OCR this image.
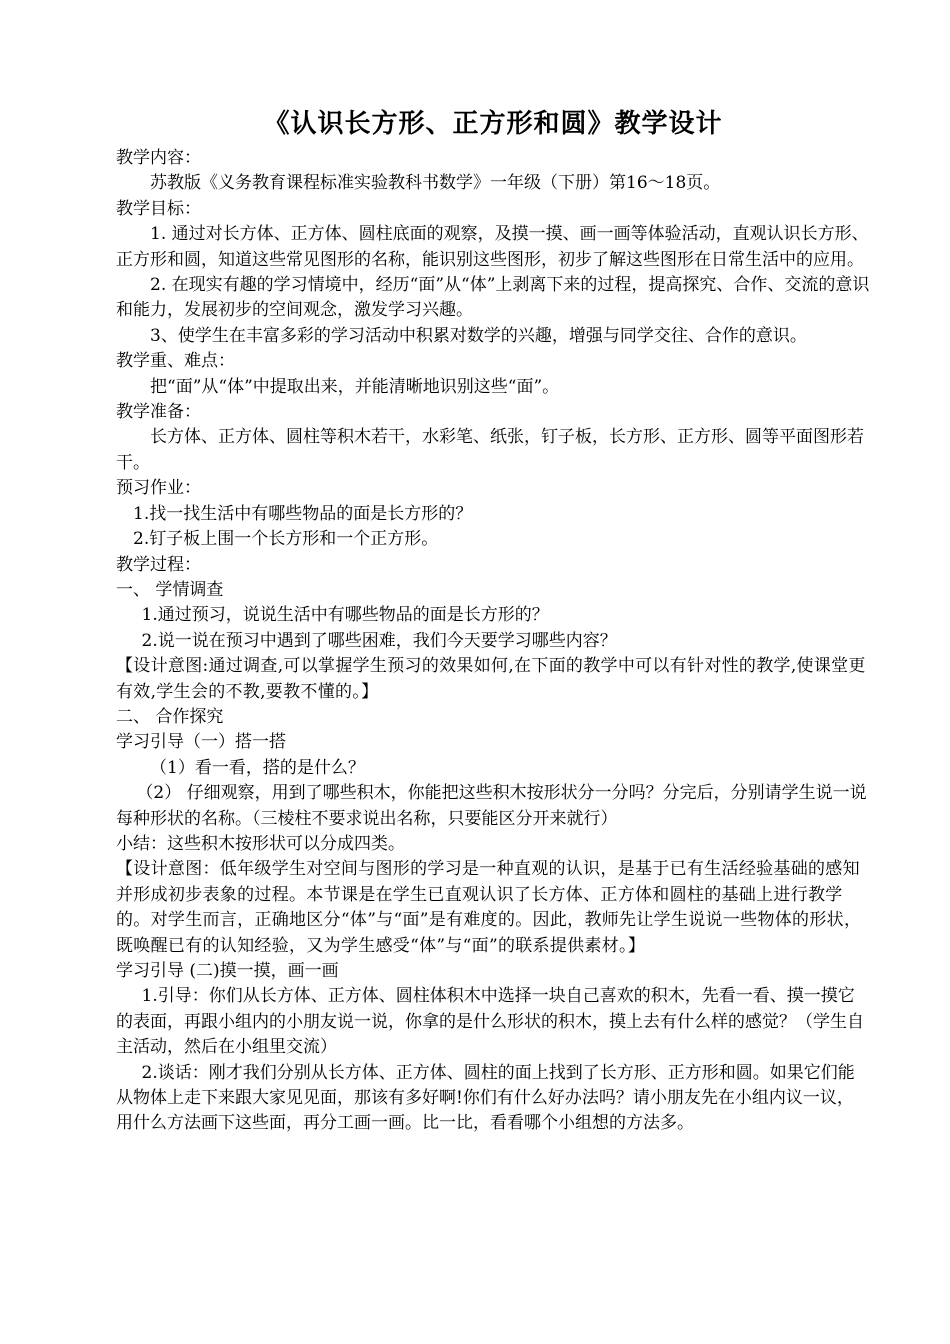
《认识长方形、正方形和圆》教学设计

教学内容：

苏教版《义务教育课程标准实验教科书数学》一年级（下册）第16～18页。

教学目标：

1. 通过对长方体、正方体、圆柱底面的观察，及摸一摸、画一画等体验活动，直观认识长方形、正方形和圆，知道这些常见图形的名称，能识别这些图形，初步了解这些图形在日常生活中的应用。

2. 在现实有趣的学习情境中，经历“面”从“体”上剥离下来的过程，提高探究、合作、交流的意识和能力，发展初步的空间观念，激发学习兴趣。

3、使学生在丰富多彩的学习活动中积累对数学的兴趣，增强与同学交往、合作的意识。

教学重、难点：

把“面”从“体”中提取出来，并能清晰地识别这些“面”。

教学准备：

长方体、正方体、圆柱等积木若干，水彩笔、纸张，钉子板，长方形、正方形、圆等平面图形若干。

预习作业：

1.找一找生活中有哪些物品的面是长方形的？

2.钉子板上围一个长方形和一个正方形。

教学过程：

一、 学情调查

1.通过预习，说说生活中有哪些物品的面是长方形的？

2.说一说在预习中遇到了哪些困难，我们今天要学习哪些内容？

【设计意图:通过调查,可以掌握学生预习的效果如何,在下面的教学中可以有针对性的教学,使课堂更有效,学生会的不教,要教不懂的。】

二、 合作探究

学习引导（一）搭一搭

（1）看一看，搭的是什么？

（2） 仔细观察，用到了哪些积木，你能把这些积木按形状分一分吗？分完后，分别请学生说一说每种形状的名称。（三棱柱不要求说出名称，只要能区分开来就行）

小结：这些积木按形状可以分成四类。

【设计意图：低年级学生对空间与图形的学习是一种直观的认识，是基于已有生活经验基础的感知并形成初步表象的过程。本节课是在学生已直观认识了长方体、正方体和圆柱的基础上进行教学的。对学生而言，正确地区分“体”与“面”是有难度的。因此，教师先让学生说说一些物体的形状，既唤醒已有的认知经验，又为学生感受“体”与“面”的联系提供素材。】

学习引导 (二)摸一摸，画一画

1.引导：你们从长方体、正方体、圆柱体积木中选择一块自己喜欢的积木，先看一看、摸一摸它的表面，再跟小组内的小朋友说一说，你拿的是什么形状的积木，摸上去有什么样的感觉？（学生自主活动，然后在小组里交流）

2.谈话：刚才我们分别从长方体、正方体、圆柱的面上找到了长方形、正方形和圆。如果它们能从物体上走下来跟大家见见面，那该有多好啊!你们有什么好办法吗？请小朋友先在小组内议一议，用什么方法画下这些面，再分工画一画。比一比，看看哪个小组想的方法多。
